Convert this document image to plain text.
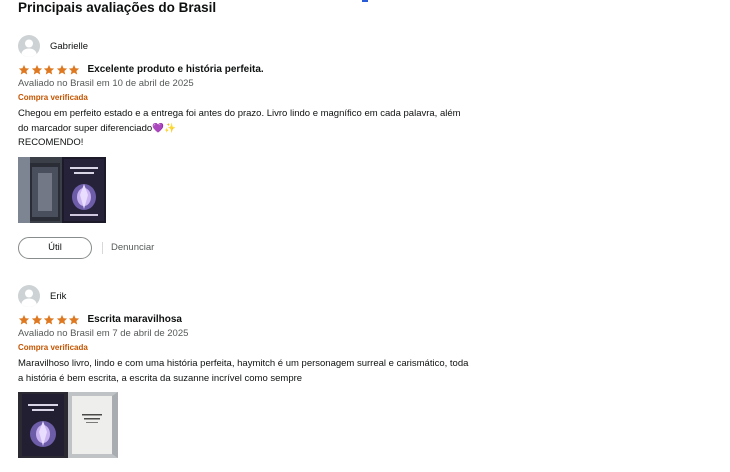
Principais avaliações do Brasil
Gabrielle
Excelente produto e história perfeita.
Avaliado no Brasil em 10 de abril de 2025
Compra verificada
Chegou em perfeito estado e a entrega foi antes do prazo. Livro lindo e magnífico em cada palavra, além
do marcador super diferenciado💜✨
RECOMENDO!
Útil	Denunciar
Erik
Escrita maravilhosa
Avaliado no Brasil em 7 de abril de 2025
Compra verificada
Maravilhoso livro, lindo e com uma história perfeita, haymitch é um personagem surreal e carismático, toda
a história é bem escrita, a escrita da suzanne incrível como sempre
